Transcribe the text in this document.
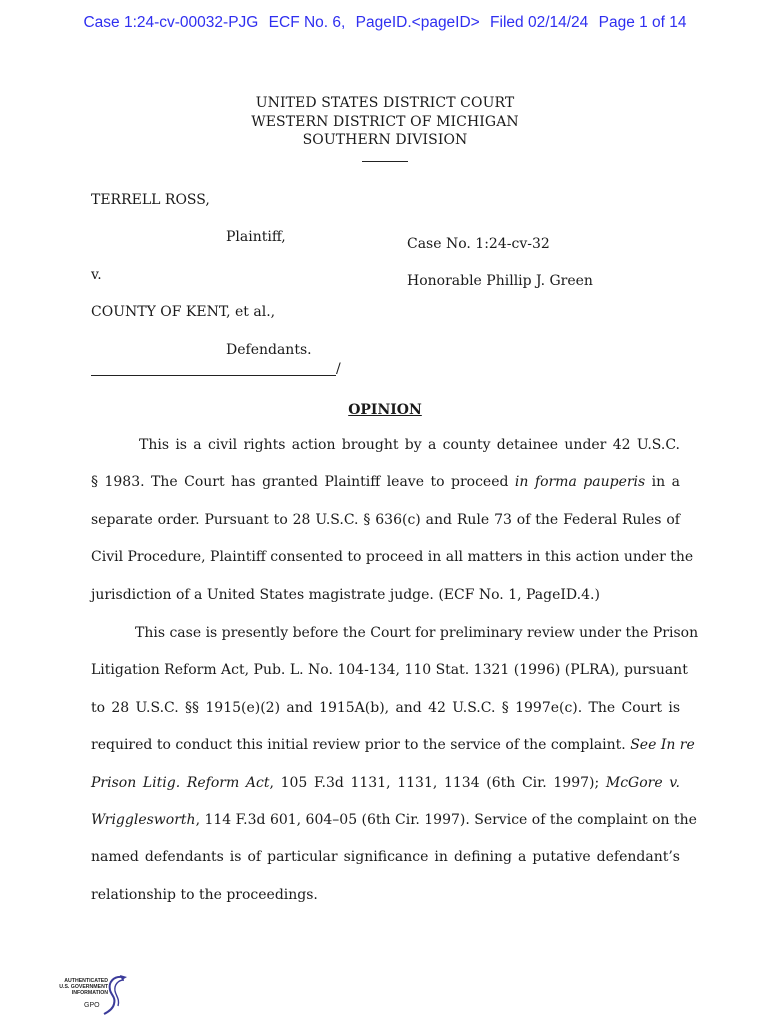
Case 1:24-cv-00032-PJG ECF No. 6, PageID.<pageID> Filed 02/14/24 Page 1 of 14
UNITED STATES DISTRICT COURT
WESTERN DISTRICT OF MICHIGAN
SOUTHERN DIVISION
TERRELL ROSS,
Plaintiff,	Case No. 1:24-cv-32
v.	Honorable Phillip J. Green
COUNTY OF KENT, et al.,
Defendants.
/
OPINION
This is a civil rights action brought by a county detainee under 42 U.S.C.
§ 1983. The Court has granted Plaintiff leave to proceed in forma pauperis in a
separate order. Pursuant to 28 U.S.C. § 636(c) and Rule 73 of the Federal Rules of
Civil Procedure, Plaintiff consented to proceed in all matters in this action under the
jurisdiction of a United States magistrate judge. (ECF No. 1, PageID.4.)
This case is presently before the Court for preliminary review under the Prison
Litigation Reform Act, Pub. L. No. 104-134, 110 Stat. 1321 (1996) (PLRA), pursuant
to 28 U.S.C. §§ 1915(e)(2) and 1915A(b), and 42 U.S.C. § 1997e(c). The Court is
required to conduct this initial review prior to the service of the complaint. See In re
Prison Litig. Reform Act, 105 F.3d 1131, 1131, 1134 (6th Cir. 1997); McGore v.
Wrigglesworth, 114 F.3d 601, 604–05 (6th Cir. 1997). Service of the complaint on the
named defendants is of particular significance in defining a putative defendant’s
relationship to the proceedings.
AUTHENTICATED
U.S. GOVERNMENT
INFORMATION
GPO
